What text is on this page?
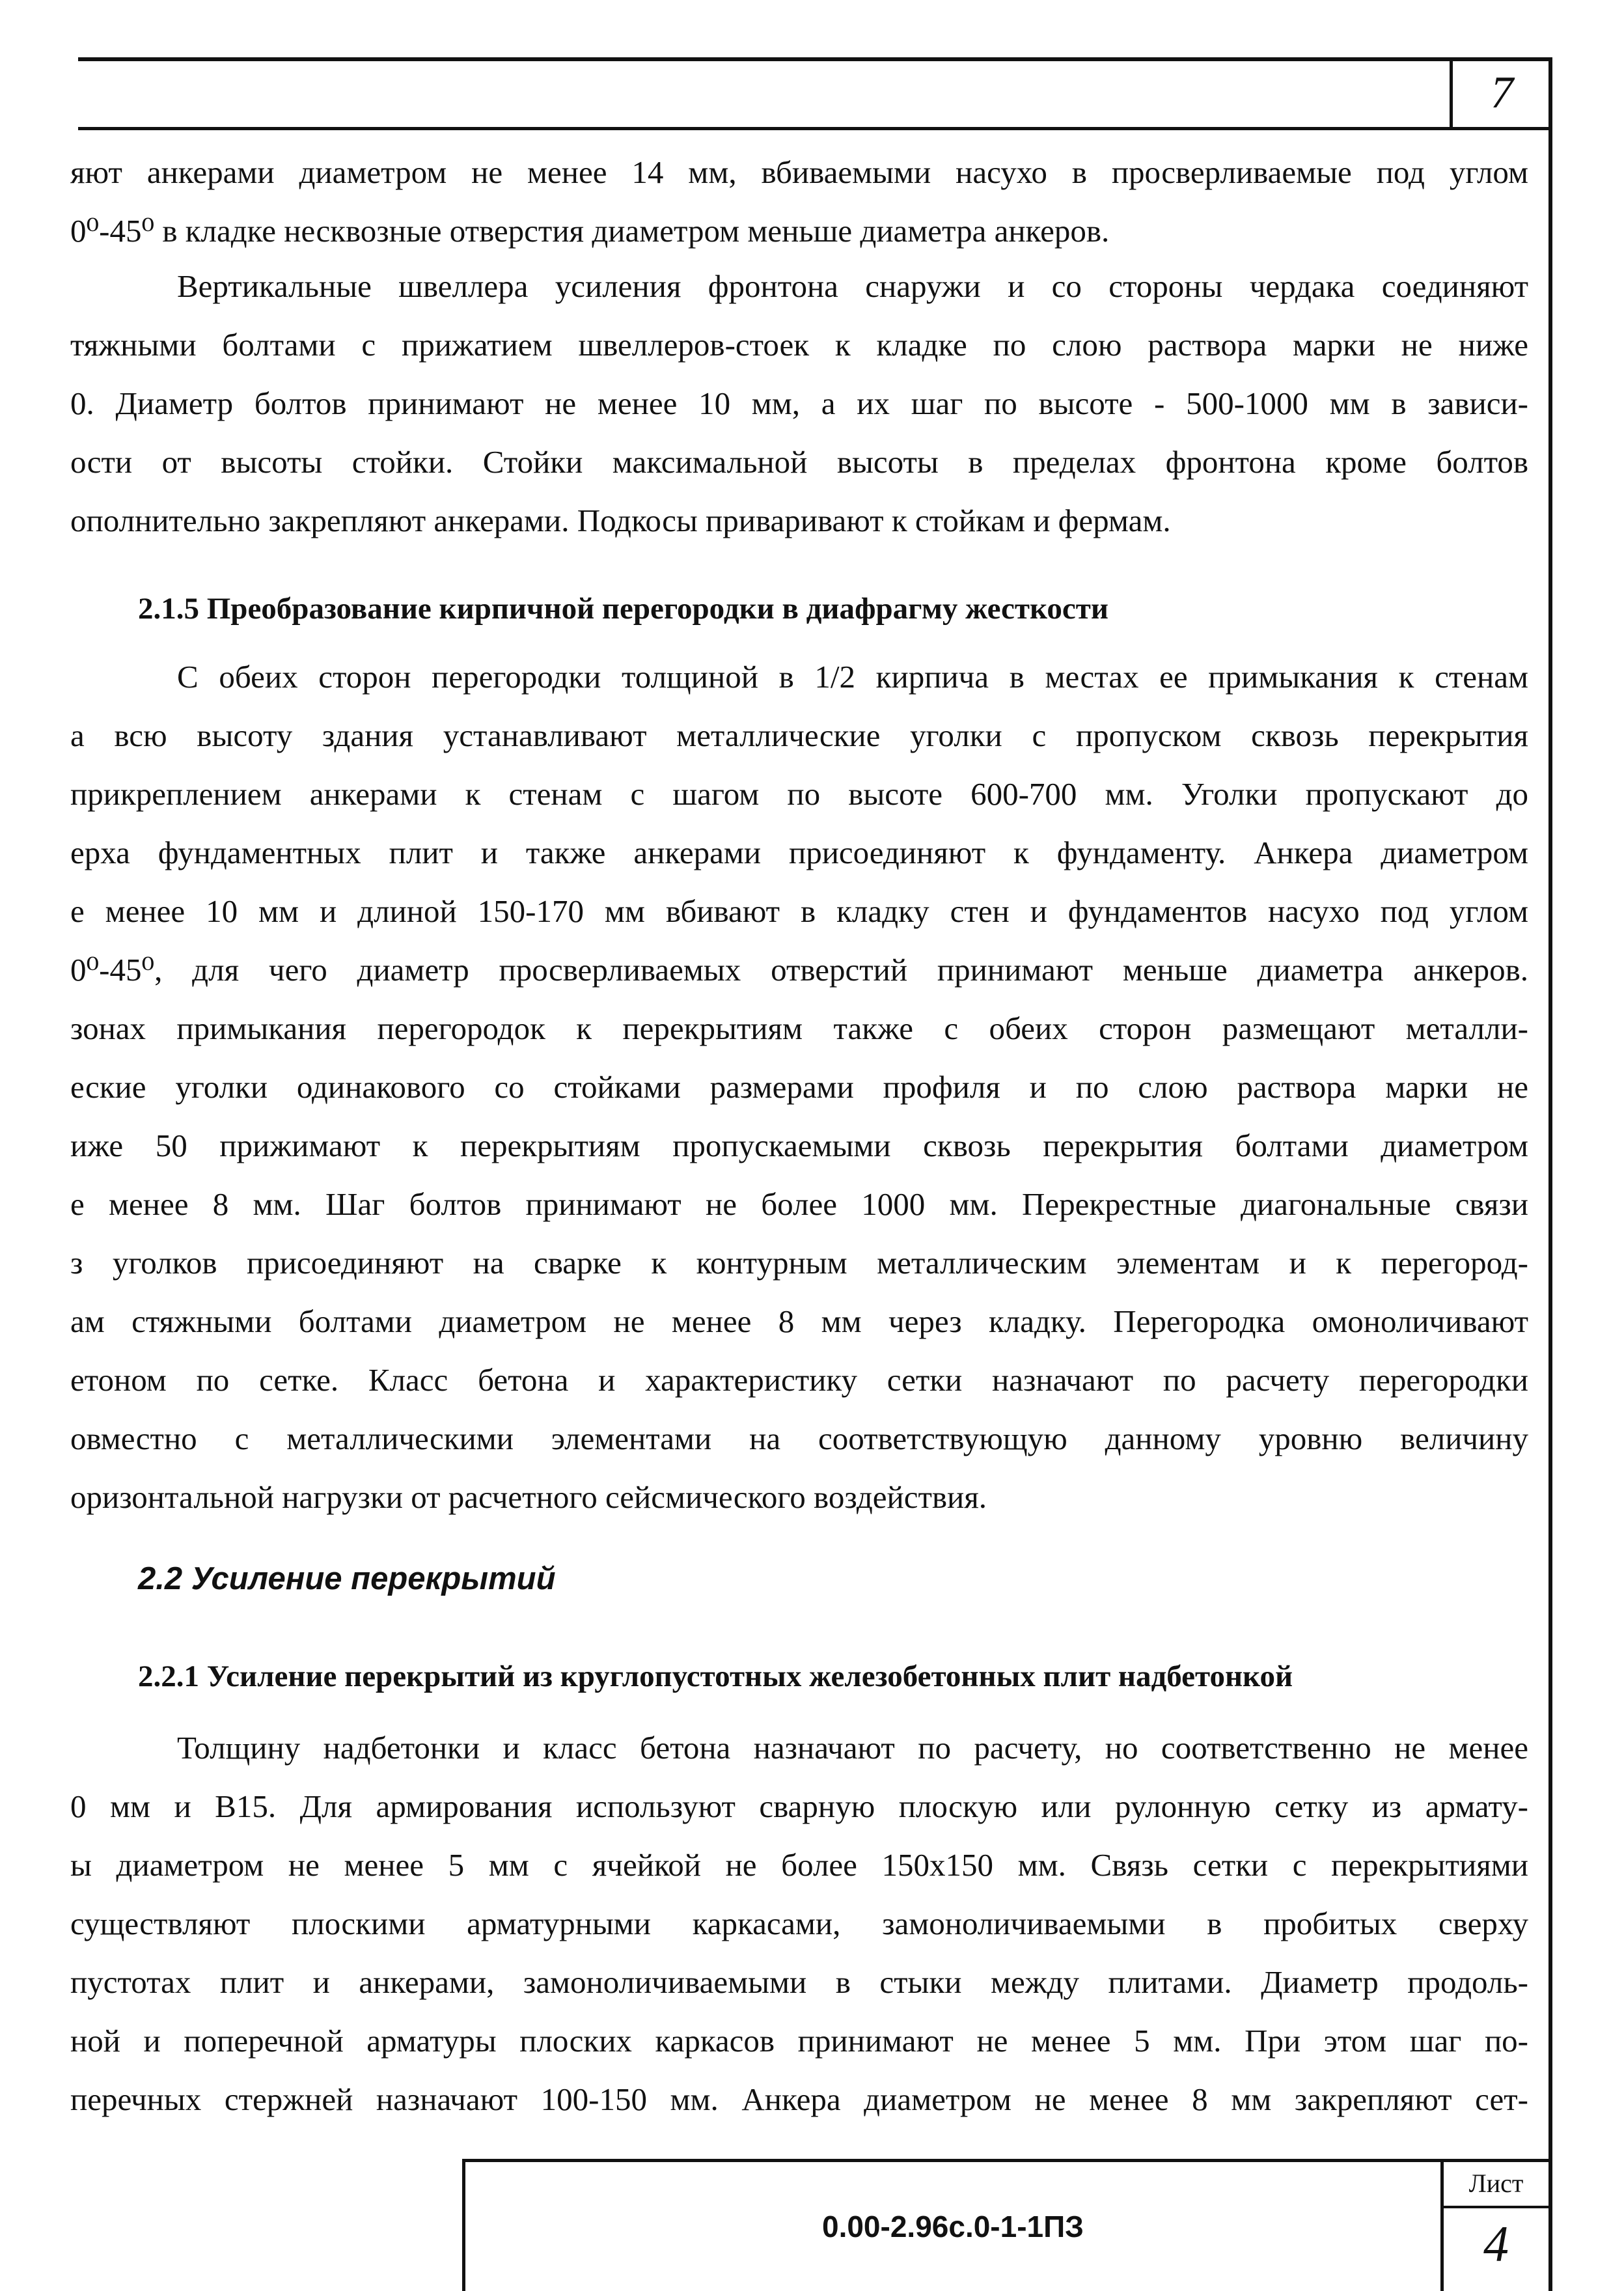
7
яют анкерами диаметром не менее 14 мм, вбиваемыми насухо в просверливаемые под углом
0⁰-45⁰ в кладке несквозные отверстия диаметром меньше диаметра анкеров.
Вертикальные швеллера усиления фронтона снаружи и со стороны чердака соединяют
тяжными болтами с прижатием швеллеров-стоек к кладке по слою раствора марки не ниже
0. Диаметр болтов принимают не менее 10 мм, а их шаг по высоте - 500-1000 мм в зависи-
ости от высоты стойки. Стойки максимальной высоты в пределах фронтона кроме болтов
ополнительно закрепляют анкерами. Подкосы приваривают к стойкам и фермам.
2.1.5 Преобразование кирпичной перегородки в диафрагму жесткости
С обеих сторон перегородки толщиной в 1/2 кирпича в местах ее примыкания к стенам
а всю высоту здания устанавливают металлические уголки с пропуском сквозь перекрытия
прикреплением анкерами к стенам с шагом по высоте 600-700 мм. Уголки пропускают до
ерха фундаментных плит и также анкерами присоединяют к фундаменту. Анкера диаметром
е менее 10 мм и длиной 150-170 мм вбивают в кладку стен и фундаментов насухо под углом
0⁰-45⁰, для чего диаметр просверливаемых отверстий принимают меньше диаметра анкеров.
зонах примыкания перегородок к перекрытиям также с обеих сторон размещают металли-
еские уголки одинакового со стойками размерами профиля и по слою раствора марки не
иже 50 прижимают к перекрытиям пропускаемыми сквозь перекрытия болтами диаметром
е менее 8 мм. Шаг болтов принимают не более 1000 мм. Перекрестные диагональные связи
з уголков присоединяют на сварке к контурным металлическим элементам и к перегород-
ам стяжными болтами диаметром не менее 8 мм через кладку. Перегородка омоноличивают
етоном по сетке. Класс бетона и характеристику сетки назначают по расчету перегородки
овместно с металлическими элементами на соответствующую данному уровню величину
оризонтальной нагрузки от расчетного сейсмического воздействия.
2.2 Усиление перекрытий
2.2.1 Усиление перекрытий из круглопустотных железобетонных плит надбетонкой
Толщину надбетонки и класс бетона назначают по расчету, но соответственно не менее
0 мм и В15. Для армирования используют сварную плоскую или рулонную сетку из армату-
ы диаметром не менее 5 мм с ячейкой не более 150х150 мм. Связь сетки с перекрытиями
существляют плоскими арматурными каркасами, замоноличиваемыми в пробитых сверху
пустотах плит и анкерами, замоноличиваемыми в стыки между плитами. Диаметр продоль-
ной и поперечной арматуры плоских каркасов принимают не менее 5 мм. При этом шаг по-
перечных стержней назначают 100-150 мм. Анкера диаметром не менее 8 мм закрепляют сет-
0.00-2.96с.0-1-1ПЗ
Лист
4
